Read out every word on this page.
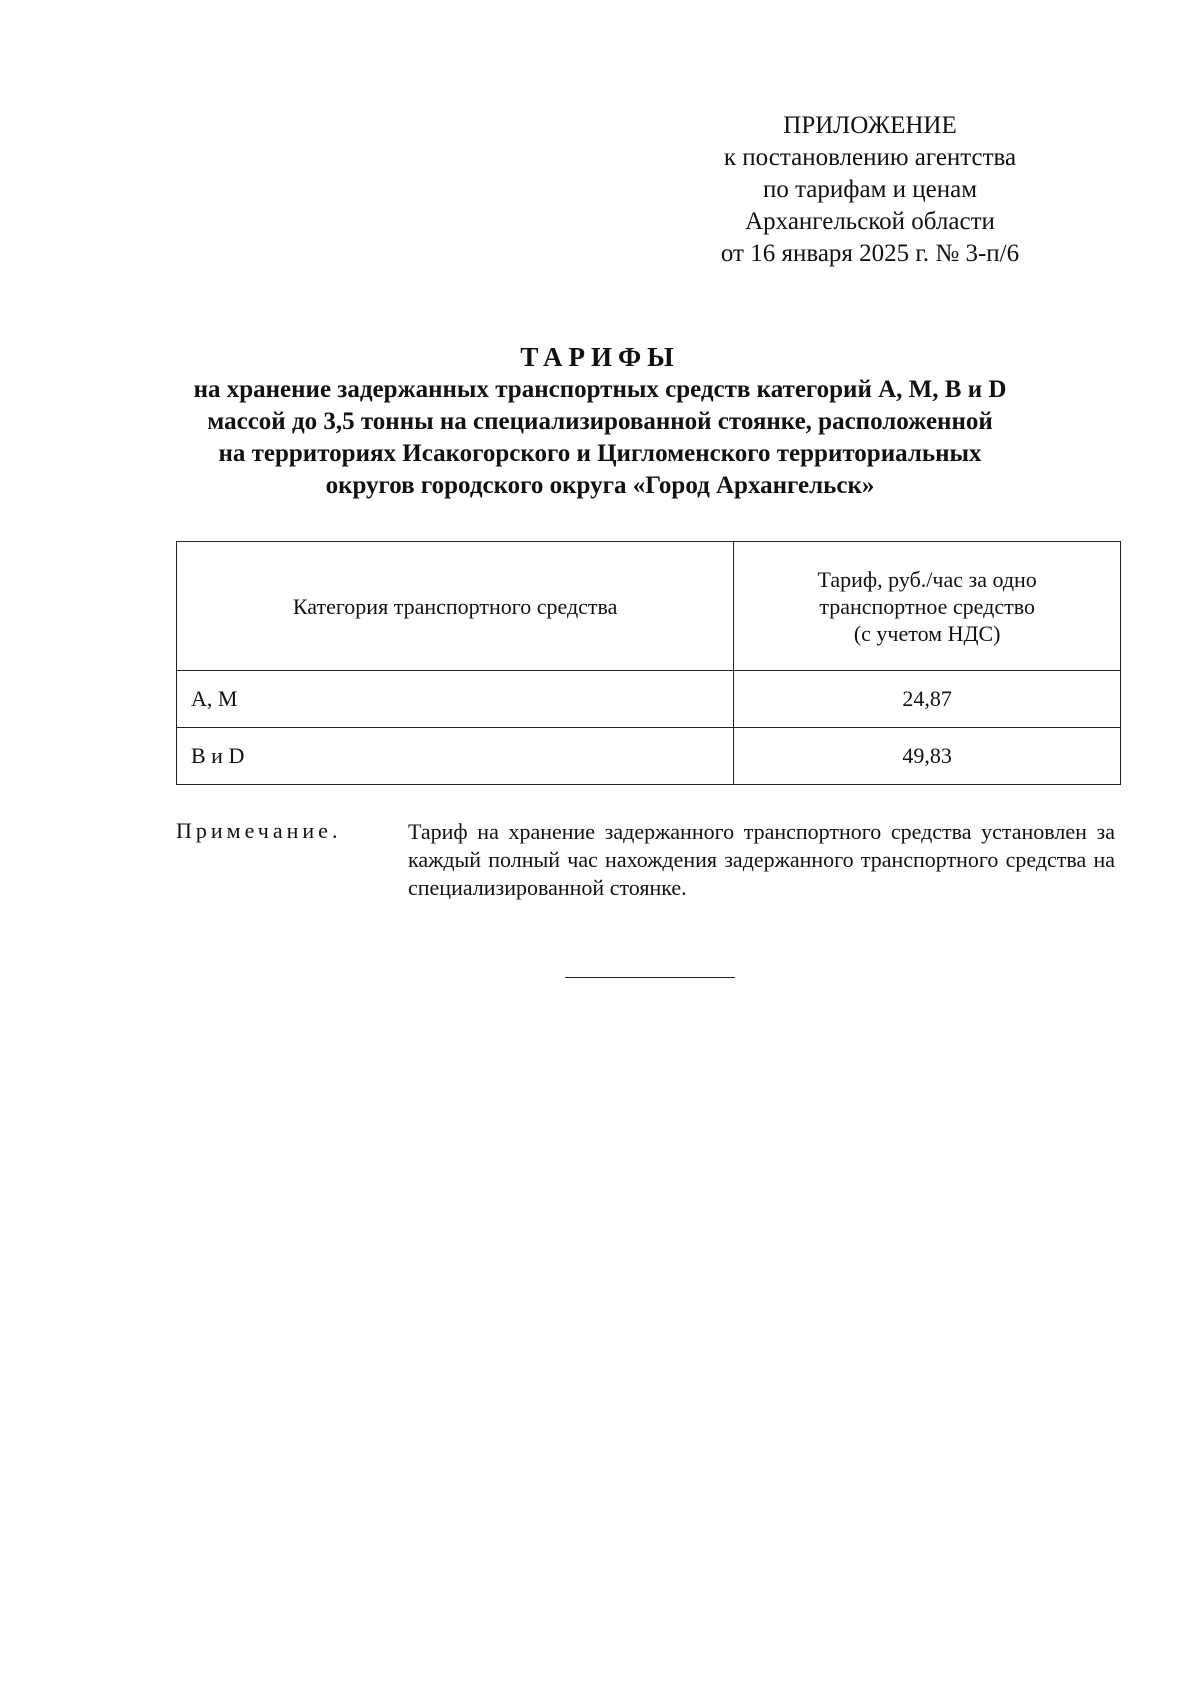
ПРИЛОЖЕНИЕ
к постановлению агентства
по тарифам и ценам
Архангельской области
от 16 января 2025 г. № 3-п/6
ТАРИФЫ
на хранение задержанных транспортных средств категорий А, М, В и D
массой до 3,5 тонны на специализированной стоянке, расположенной
на территориях Исакогорского и Цигломенского территориальных
округов городского округа «Город Архангельск»
Категория транспортного средства	Тариф, руб./час за одно
транспортное средство
(с учетом НДС)

А, М	24,87
В и D	49,83
Примечание.	Тариф на хранение задержанного транспортного средства установлен за каждый полный час нахождения задержанного транспортного средства на специализированной стоянке.
